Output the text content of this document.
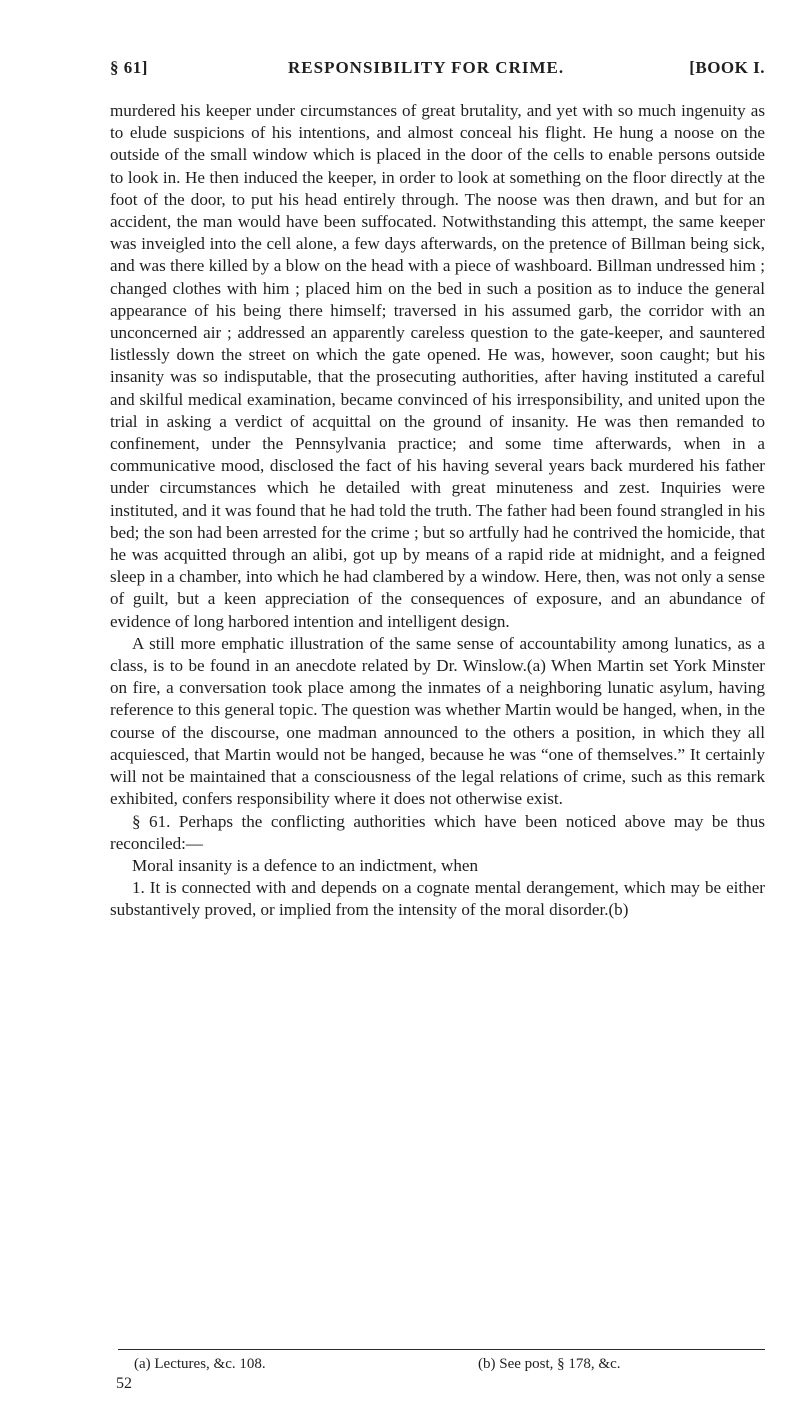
§ 61]	RESPONSIBILITY FOR CRIME.	[BOOK I.

murdered his keeper under circumstances of great brutality, and yet with so much ingenuity as to elude suspicions of his intentions, and almost conceal his flight. He hung a noose on the outside of the small window which is placed in the door of the cells to enable persons outside to look in. He then induced the keeper, in order to look at something on the floor directly at the foot of the door, to put his head entirely through. The noose was then drawn, and but for an accident, the man would have been suffocated. Notwithstanding this attempt, the same keeper was inveigled into the cell alone, a few days afterwards, on the pretence of Billman being sick, and was there killed by a blow on the head with a piece of washboard. Billman undressed him ; changed clothes with him ; placed him on the bed in such a position as to induce the general appearance of his being there himself; traversed in his assumed garb, the corridor with an unconcerned air ; addressed an apparently careless question to the gate-keeper, and sauntered listlessly down the street on which the gate opened. He was, however, soon caught; but his insanity was so indisputable, that the prosecuting authorities, after having instituted a careful and skilful medical examination, became convinced of his irresponsibility, and united upon the trial in asking a verdict of acquittal on the ground of insanity. He was then remanded to confinement, under the Pennsylvania practice; and some time afterwards, when in a communicative mood, disclosed the fact of his having several years back murdered his father under circumstances which he detailed with great minuteness and zest. Inquiries were instituted, and it was found that he had told the truth. The father had been found strangled in his bed; the son had been arrested for the crime ; but so artfully had he contrived the homicide, that he was acquitted through an alibi, got up by means of a rapid ride at midnight, and a feigned sleep in a chamber, into which he had clambered by a window. Here, then, was not only a sense of guilt, but a keen appreciation of the consequences of exposure, and an abundance of evidence of long harbored intention and intelligent design.

A still more emphatic illustration of the same sense of accountability among lunatics, as a class, is to be found in an anecdote related by Dr. Winslow.(a) When Martin set York Minster on fire, a conversation took place among the inmates of a neighboring lunatic asylum, having reference to this general topic. The question was whether Martin would be hanged, when, in the course of the discourse, one madman announced to the others a position, in which they all acquiesced, that Martin would not be hanged, because he was “one of themselves.” It certainly will not be maintained that a consciousness of the legal relations of crime, such as this remark exhibited, confers responsibility where it does not otherwise exist.

§ 61. Perhaps the conflicting authorities which have been noticed above may be thus reconciled:—

Moral insanity is a defence to an indictment, when

1. It is connected with and depends on a cognate mental derangement, which may be either substantively proved, or implied from the intensity of the moral disorder.(b)

(a) Lectures, &c. 108.	(b) See post, § 178, &c.
52
